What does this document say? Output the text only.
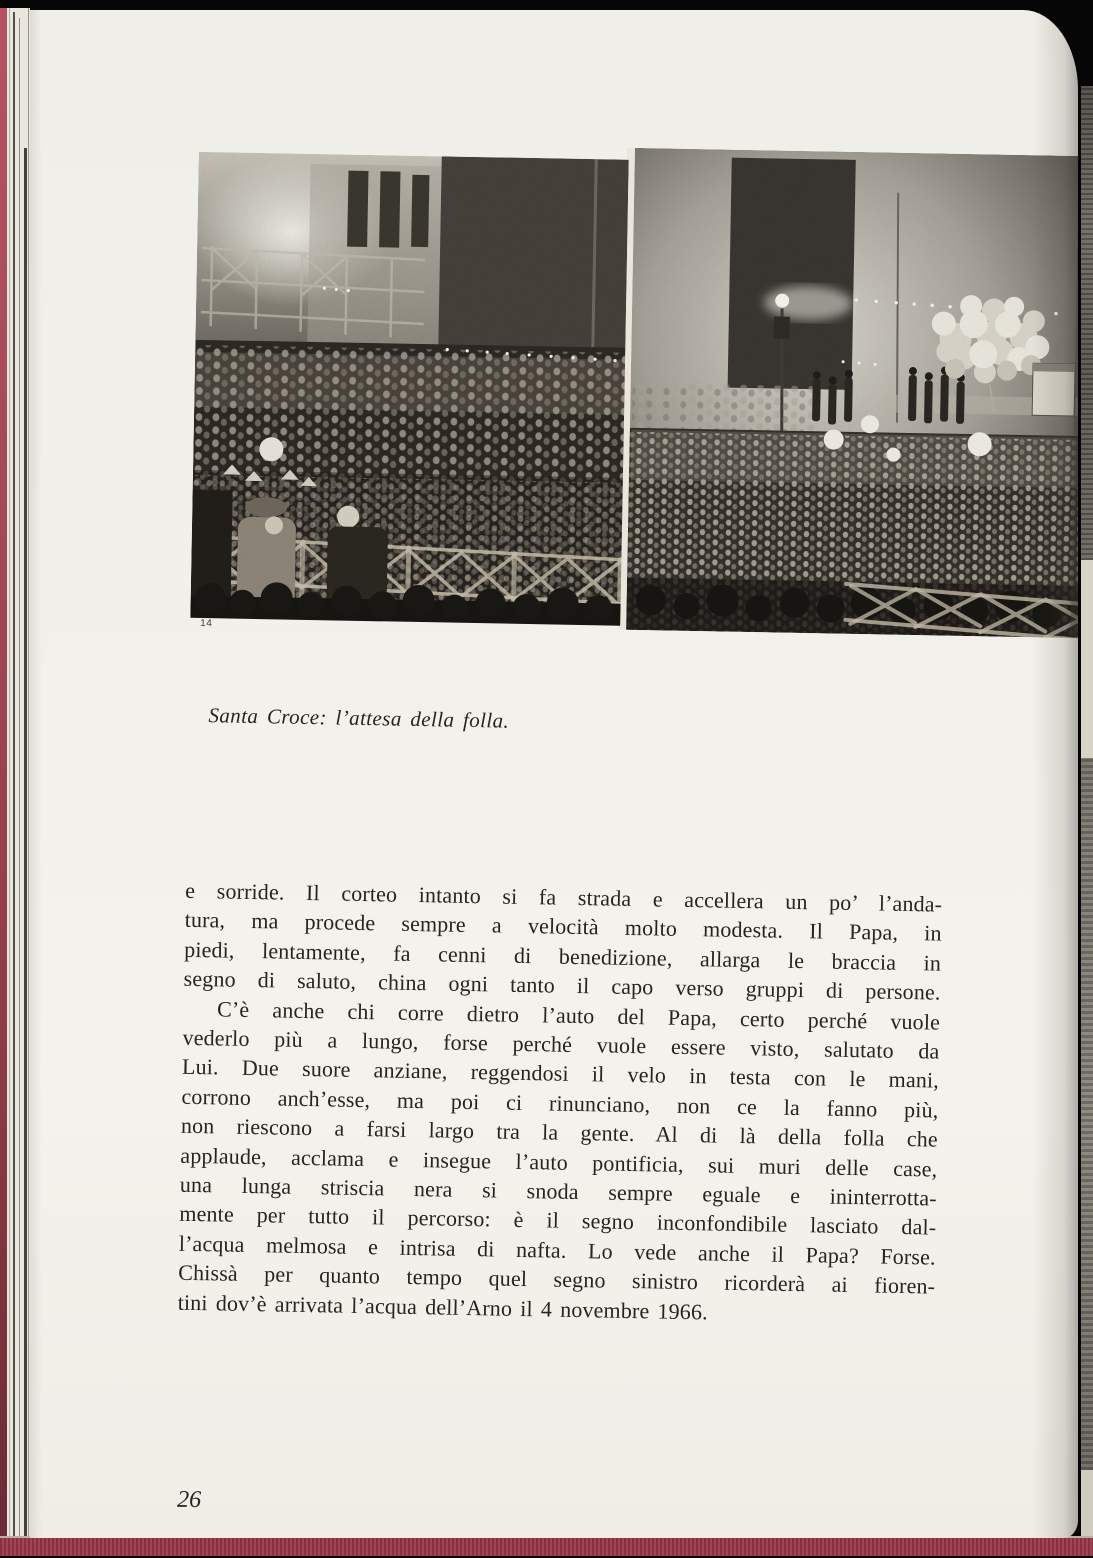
14

Santa Croce: l’attesa della folla.

e sorride. Il corteo intanto si fa strada e accellera un po’ l’anda-
tura, ma procede sempre a velocità molto modesta. Il Papa, in
piedi, lentamente, fa cenni di benedizione, allarga le braccia in
segno di saluto, china ogni tanto il capo verso gruppi di persone.
C’è anche chi corre dietro l’auto del Papa, certo perché vuole
vederlo più a lungo, forse perché vuole essere visto, salutato da
Lui. Due suore anziane, reggendosi il velo in testa con le mani,
corrono anch’esse, ma poi ci rinunciano, non ce la fanno più,
non riescono a farsi largo tra la gente. Al di là della folla che
applaude, acclama e insegue l’auto pontificia, sui muri delle case,
una lunga striscia nera si snoda sempre eguale e ininterrotta-
mente per tutto il percorso: è il segno inconfondibile lasciato dal-
l’acqua melmosa e intrisa di nafta. Lo vede anche il Papa? Forse.
Chissà per quanto tempo quel segno sinistro ricorderà ai fioren-
tini dov’è arrivata l’acqua dell’Arno il 4 novembre 1966.
26
